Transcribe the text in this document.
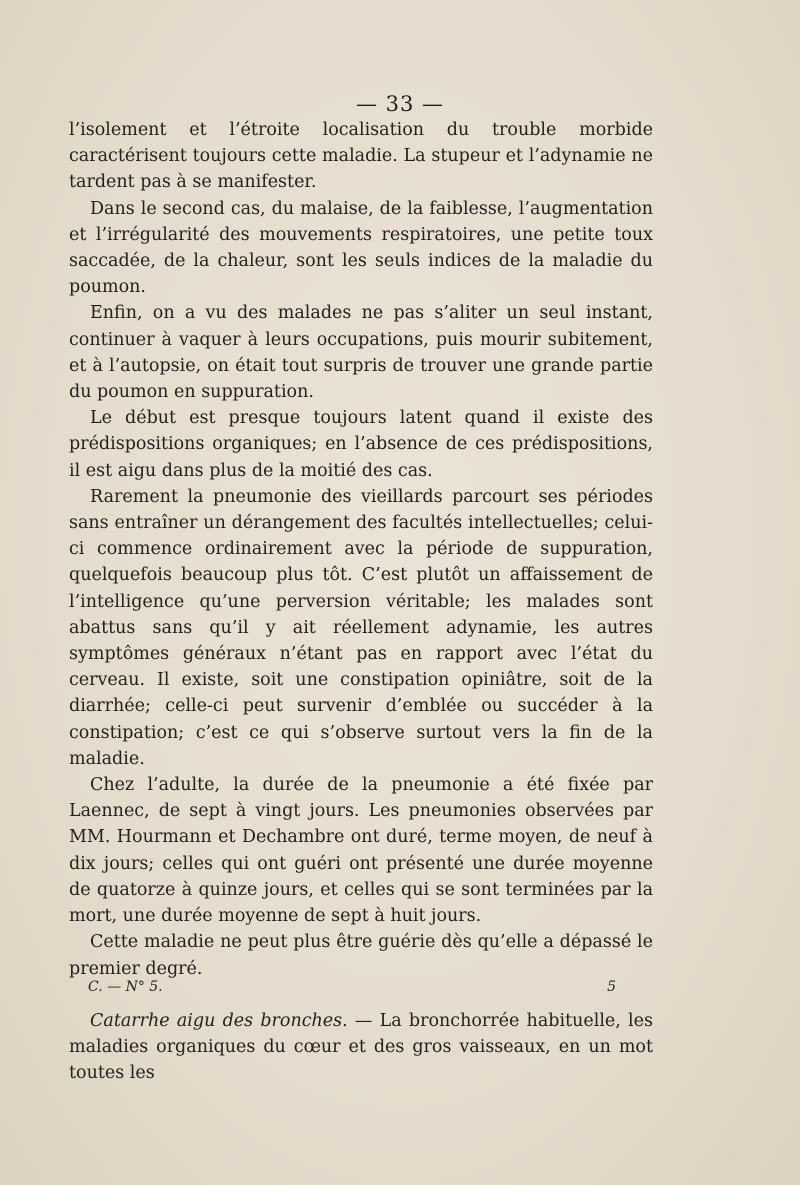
— 33 —

l’isolement et l’étroite localisation du trouble morbide caractérisent toujours cette maladie. La stupeur et l’adynamie ne tardent pas à se manifester.

Dans le second cas, du malaise, de la faiblesse, l’augmentation et l’irrégularité des mouvements respiratoires, une petite toux saccadée, de la chaleur, sont les seuls indices de la maladie du poumon.

Enfin, on a vu des malades ne pas s’aliter un seul instant, continuer à vaquer à leurs occupations, puis mourir subitement, et à l’autopsie, on était tout surpris de trouver une grande partie du poumon en suppuration.

Le début est presque toujours latent quand il existe des prédispositions organiques; en l’absence de ces prédispositions, il est aigu dans plus de la moitié des cas.

Rarement la pneumonie des vieillards parcourt ses périodes sans entraîner un dérangement des facultés intellectuelles; celui-ci commence ordinairement avec la période de suppuration, quelquefois beaucoup plus tôt. C’est plutôt un affaissement de l’intelligence qu’une perversion véritable; les malades sont abattus sans qu’il y ait réellement adynamie, les autres symptômes généraux n’étant pas en rapport avec l’état du cerveau. Il existe, soit une constipation opiniâtre, soit de la diarrhée; celle-ci peut survenir d’emblée ou succéder à la constipation; c’est ce qui s’observe surtout vers la fin de la maladie.

Chez l’adulte, la durée de la pneumonie a été fixée par Laennec, de sept à vingt jours. Les pneumonies observées par MM. Hourmann et Dechambre ont duré, terme moyen, de neuf à dix jours; celles qui ont guéri ont présenté une durée moyenne de quatorze à quinze jours, et celles qui se sont terminées par la mort, une durée moyenne de sept à huit jours.

Cette maladie ne peut plus être guérie dès qu’elle a dépassé le premier degré.

Catarrhe aigu des bronches. — La bronchorrée habituelle, les maladies organiques du cœur et des gros vaisseaux, en un mot toutes les

C. — N° 5.	5
